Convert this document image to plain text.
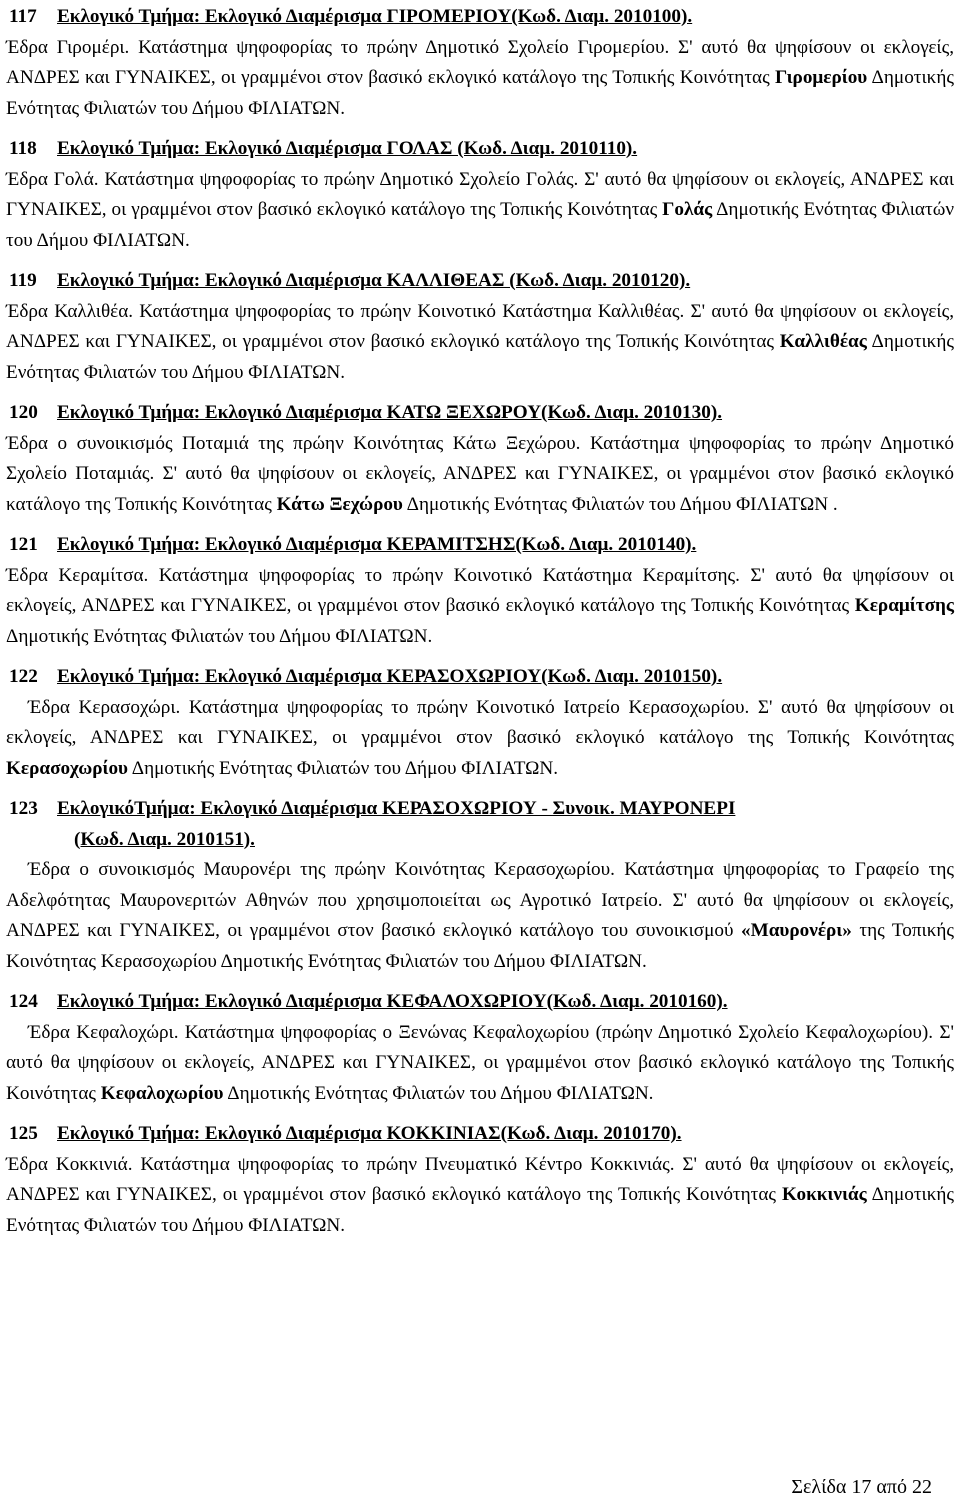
117 Εκλογικό Τμήμα: Εκλογικό Διαμέρισμα ΓΙΡΟΜΕΡΙΟΥ(Κωδ. Διαμ. 2010100).
Έδρα Γιρομέρι. Κατάστημα ψηφοφορίας το πρώην Δημοτικό Σχολείο Γιρομερίου. Σ' αυτό θα ψηφίσουν οι εκλογείς, ΑΝΔΡΕΣ και ΓΥΝΑΙΚΕΣ, οι γραμμένοι στον βασικό εκλογικό κατάλογο της Τοπικής Κοινότητας Γιρομερίου Δημοτικής Ενότητας Φιλιατών του Δήμου ΦΙΛΙΑΤΩΝ.
118 Εκλογικό Τμήμα: Εκλογικό Διαμέρισμα ΓΟΛΑΣ (Κωδ. Διαμ. 2010110).
Έδρα Γολά. Κατάστημα ψηφοφορίας το πρώην Δημοτικό Σχολείο Γολάς. Σ' αυτό θα ψηφίσουν οι εκλογείς, ΑΝΔΡΕΣ και ΓΥΝΑΙΚΕΣ, οι γραμμένοι στον βασικό εκλογικό κατάλογο της Τοπικής Κοινότητας Γολάς Δημοτικής Ενότητας Φιλιατών του Δήμου ΦΙΛΙΑΤΩΝ.
119 Εκλογικό Τμήμα: Εκλογικό Διαμέρισμα ΚΑΛΛΙΘΕΑΣ (Κωδ. Διαμ. 2010120).
Έδρα Καλλιθέα. Κατάστημα ψηφοφορίας το πρώην Κοινοτικό Κατάστημα Καλλιθέας. Σ' αυτό θα ψηφίσουν οι εκλογείς, ΑΝΔΡΕΣ και ΓΥΝΑΙΚΕΣ, οι γραμμένοι στον βασικό εκλογικό κατάλογο της Τοπικής Κοινότητας Καλλιθέας Δημοτικής Ενότητας Φιλιατών του Δήμου ΦΙΛΙΑΤΩΝ.
120 Εκλογικό Τμήμα: Εκλογικό Διαμέρισμα ΚΑΤΩ ΞΕΧΩΡΟΥ(Κωδ. Διαμ. 2010130).
Έδρα ο συνοικισμός Ποταμιά της πρώην Κοινότητας Κάτω Ξεχώρου. Κατάστημα ψηφοφορίας το πρώην Δημοτικό Σχολείο Ποταμιάς. Σ' αυτό θα ψηφίσουν οι εκλογείς, ΑΝΔΡΕΣ και ΓΥΝΑΙΚΕΣ, οι γραμμένοι στον βασικό εκλογικό κατάλογο της Τοπικής Κοινότητας Κάτω Ξεχώρου Δημοτικής Ενότητας Φιλιατών του Δήμου ΦΙΛΙΑΤΩΝ .
121 Εκλογικό Τμήμα: Εκλογικό Διαμέρισμα ΚΕΡΑΜΙΤΣΗΣ(Κωδ. Διαμ. 2010140).
Έδρα Κεραμίτσα. Κατάστημα ψηφοφορίας το πρώην Κοινοτικό Κατάστημα Κεραμίτσης. Σ' αυτό θα ψηφίσουν οι εκλογείς, ΑΝΔΡΕΣ και ΓΥΝΑΙΚΕΣ, οι γραμμένοι στον βασικό εκλογικό κατάλογο της Τοπικής Κοινότητας Κεραμίτσης Δημοτικής Ενότητας Φιλιατών του Δήμου ΦΙΛΙΑΤΩΝ.
122 Εκλογικό Τμήμα: Εκλογικό Διαμέρισμα ΚΕΡΑΣΟΧΩΡΙΟΥ(Κωδ. Διαμ. 2010150).
Έδρα Κερασοχώρι. Κατάστημα ψηφοφορίας το πρώην Κοινοτικό Ιατρείο Κερασοχωρίου. Σ' αυτό θα ψηφίσουν οι εκλογείς, ΑΝΔΡΕΣ και ΓΥΝΑΙΚΕΣ, οι γραμμένοι στον βασικό εκλογικό κατάλογο της Τοπικής Κοινότητας Κερασοχωρίου Δημοτικής Ενότητας Φιλιατών του Δήμου ΦΙΛΙΑΤΩΝ.
123 ΕκλογικόΤμήμα: Εκλογικό Διαμέρισμα ΚΕΡΑΣΟΧΩΡΙΟΥ - Συνοικ. ΜΑΥΡΟΝΕΡΙ
(Κωδ. Διαμ. 2010151).
Έδρα ο συνοικισμός Μαυρονέρι της πρώην Κοινότητας Κερασοχωρίου. Κατάστημα ψηφοφορίας το Γραφείο της Αδελφότητας Μαυρονεριτών Αθηνών που χρησιμοποιείται ως Αγροτικό Ιατρείο. Σ' αυτό θα ψηφίσουν οι εκλογείς, ΑΝΔΡΕΣ και ΓΥΝΑΙΚΕΣ, οι γραμμένοι στον βασικό εκλογικό κατάλογο του συνοικισμού «Μαυρονέρι» της Τοπικής Κοινότητας Κερασοχωρίου Δημοτικής Ενότητας Φιλιατών του Δήμου ΦΙΛΙΑΤΩΝ.
124 Εκλογικό Τμήμα: Εκλογικό Διαμέρισμα ΚΕΦΑΛΟΧΩΡΙΟΥ(Κωδ. Διαμ. 2010160).
Έδρα Κεφαλοχώρι. Κατάστημα ψηφοφορίας ο Ξενώνας Κεφαλοχωρίου (πρώην Δημοτικό Σχολείο Κεφαλοχωρίου). Σ' αυτό θα ψηφίσουν οι εκλογείς, ΑΝΔΡΕΣ και ΓΥΝΑΙΚΕΣ, οι γραμμένοι στον βασικό εκλογικό κατάλογο της Τοπικής Κοινότητας Κεφαλοχωρίου Δημοτικής Ενότητας Φιλιατών του Δήμου ΦΙΛΙΑΤΩΝ.
125 Εκλογικό Τμήμα: Εκλογικό Διαμέρισμα ΚΟΚΚΙΝΙΑΣ(Κωδ. Διαμ. 2010170).
Έδρα Κοκκινιά. Κατάστημα ψηφοφορίας το πρώην Πνευματικό Κέντρο Κοκκινιάς. Σ' αυτό θα ψηφίσουν οι εκλογείς, ΑΝΔΡΕΣ και ΓΥΝΑΙΚΕΣ, οι γραμμένοι στον βασικό εκλογικό κατάλογο της Τοπικής Κοινότητας Κοκκινιάς Δημοτικής Ενότητας Φιλιατών του Δήμου ΦΙΛΙΑΤΩΝ.
Σελίδα 17 από 22
